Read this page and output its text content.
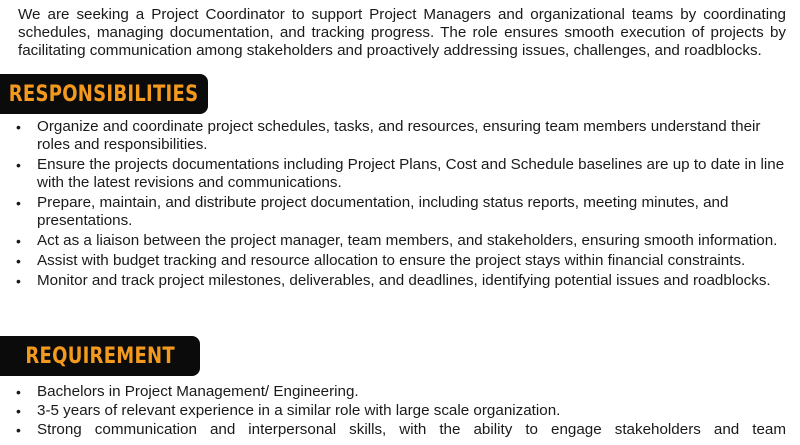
We are seeking a Project Coordinator to support Project Managers and organizational teams by coordinating schedules, managing documentation, and tracking progress. The role ensures smooth execution of projects by facilitating communication among stakeholders and proactively addressing issues, challenges, and roadblocks.

RESPONSIBILITIES
• Organize and coordinate project schedules, tasks, and resources, ensuring team members understand their roles and responsibilities.
• Ensure the projects documentations including Project Plans, Cost and Schedule baselines are up to date in line with the latest revisions and communications.
• Prepare, maintain, and distribute project documentation, including status reports, meeting minutes, and presentations.
• Act as a liaison between the project manager, team members, and stakeholders, ensuring smooth information.
• Assist with budget tracking and resource allocation to ensure the project stays within financial constraints.
• Monitor and track project milestones, deliverables, and deadlines, identifying potential issues and roadblocks.
REQUIREMENT
• Bachelors in Project Management/ Engineering.
• 3-5 years of relevant experience in a similar role with large scale organization.
• Strong communication and interpersonal skills, with the ability to engage stakeholders and team
